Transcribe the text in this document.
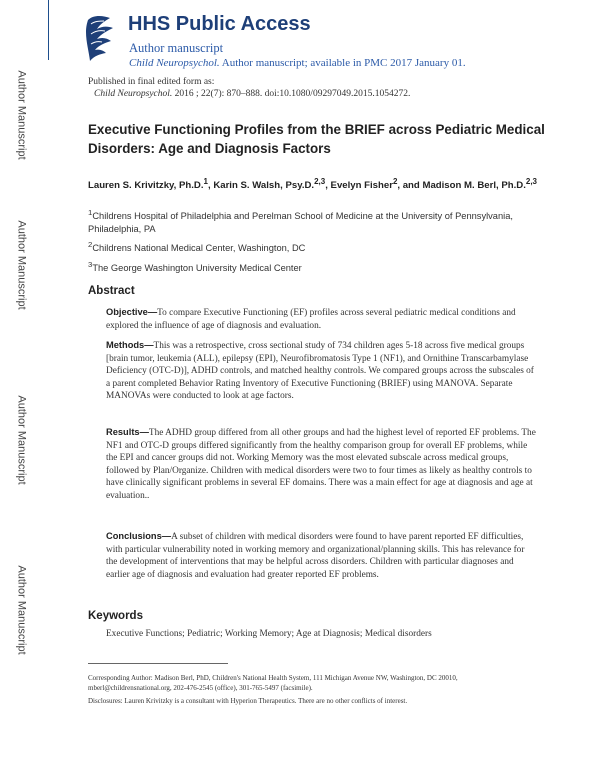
Author Manuscript
Author Manuscript
Author Manuscript
Author Manuscript
HHS Public Access
Author manuscript
Child Neuropsychol. Author manuscript; available in PMC 2017 January 01.
Published in final edited form as:
Child Neuropsychol. 2016 ; 22(7): 870–888. doi:10.1080/09297049.2015.1054272.
Executive Functioning Profiles from the BRIEF across Pediatric Medical Disorders: Age and Diagnosis Factors
Lauren S. Krivitzky, Ph.D.$^1$, Karin S. Walsh, Psy.D.$^{2,3}$, Evelyn Fisher$^2$, and Madison M. Berl, Ph.D.$^{2,3}$
$^1$Childrens Hospital of Philadelphia and Perelman School of Medicine at the University of Pennsylvania, Philadelphia, PA
$^2$Childrens National Medical Center, Washington, DC
$^3$The George Washington University Medical Center
Abstract
Objective—To compare Executive Functioning (EF) profiles across several pediatric medical conditions and explored the influence of age of diagnosis and evaluation.
Methods—This was a retrospective, cross sectional study of 734 children ages 5-18 across five medical groups [brain tumor, leukemia (ALL), epilepsy (EPI), Neurofibromatosis Type 1 (NF1), and Ornithine Transcarbamylase Deficiency (OTC-D)], ADHD controls, and matched healthy controls. We compared groups across the subscales of a parent completed Behavior Rating Inventory of Executive Functioning (BRIEF) using MANOVA. Separate MANOVAs were conducted to look at age factors.
Results—The ADHD group differed from all other groups and had the highest level of reported EF problems. The NF1 and OTC-D groups differed significantly from the healthy comparison group for overall EF problems, while the EPI and cancer groups did not. Working Memory was the most elevated subscale across medical groups, followed by Plan/Organize. Children with medical disorders were two to four times as likely as healthy controls to have clinically significant problems in several EF domains. There was a main effect for age at diagnosis and age at evaluation..
Conclusions—A subset of children with medical disorders were found to have parent reported EF difficulties, with particular vulnerability noted in working memory and organizational/planning skills. This has relevance for the development of interventions that may be helpful across disorders. Children with particular diagnoses and earlier age of diagnosis and evaluation had greater reported EF problems.
Keywords
Executive Functions; Pediatric; Working Memory; Age at Diagnosis; Medical disorders
Corresponding Author: Madison Berl, PhD, Children's National Health System, 111 Michigan Avenue NW, Washington, DC 20010, mberl@childrensnational.org, 202-476-2545 (office), 301-765-5497 (facsimile).
Disclosures: Lauren Krivitzky is a consultant with Hyperion Therapeutics. There are no other conflicts of interest.
